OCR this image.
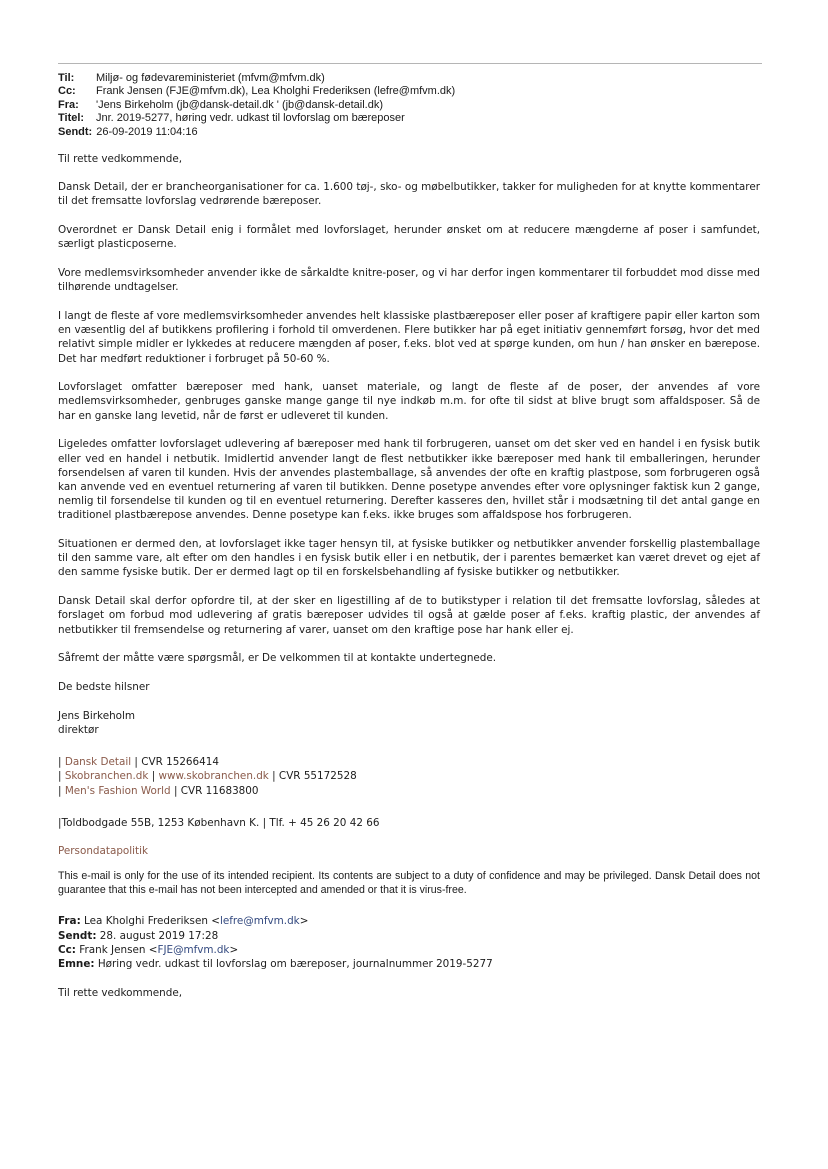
Til:	Miljø- og fødevareministeriet (mfvm@mfvm.dk)
Cc:	Frank Jensen (FJE@mfvm.dk), Lea Kholghi Frederiksen (lefre@mfvm.dk)
Fra:	'Jens Birkeholm (jb@dansk-detail.dk ' (jb@dansk-detail.dk)
Titel:	Jnr. 2019-5277, høring vedr. udkast til lovforslag om bæreposer
Sendt: 26-09-2019 11:04:16

Til rette vedkommende,

Dansk Detail, der er brancheorganisationer for ca. 1.600 tøj-, sko- og møbelbutikker, takker for muligheden for at knytte kommentarer til det fremsatte lovforslag vedrørende bæreposer.

Overordnet er Dansk Detail enig i formålet med lovforslaget, herunder ønsket om at reducere mængderne af poser i samfundet, særligt plasticposerne.

Vore medlemsvirksomheder anvender ikke de sårkaldte knitre-poser, og vi har derfor ingen kommentarer til forbuddet mod disse med tilhørende undtagelser.

I langt de fleste af vore medlemsvirksomheder anvendes helt klassiske plastbæreposer eller poser af kraftigere papir eller karton som en væsentlig del af butikkens profilering i forhold til omverdenen. Flere butikker har på eget initiativ gennemført forsøg, hvor det med relativt simple midler er lykkedes at reducere mængden af poser, f.eks. blot ved at spørge kunden, om hun / han ønsker en bærepose. Det har medført reduktioner i forbruget på 50-60 %.

Lovforslaget omfatter bæreposer med hank, uanset materiale, og langt de fleste af de poser, der anvendes af vore medlemsvirksomheder, genbruges ganske mange gange til nye indkøb m.m. for ofte til sidst at blive brugt som affaldsposer. Så de har en ganske lang levetid, når de først er udleveret til kunden.

Ligeledes omfatter lovforslaget udlevering af bæreposer med hank til forbrugeren, uanset om det sker ved en handel i en fysisk butik eller ved en handel i netbutik. Imidlertid anvender langt de flest netbutikker ikke bæreposer med hank til emballeringen, herunder forsendelsen af varen til kunden. Hvis der anvendes plastemballage, så anvendes der ofte en kraftig plastpose, som forbrugeren også kan anvende ved en eventuel returnering af varen til butikken. Denne posetype anvendes efter vore oplysninger faktisk kun 2 gange, nemlig til forsendelse til kunden og til en eventuel returnering. Derefter kasseres den, hvillet står i modsætning til det antal gange en traditionel plastbærepose anvendes. Denne posetype kan f.eks. ikke bruges som affaldspose hos forbrugeren.

Situationen er dermed den, at lovforslaget ikke tager hensyn til, at fysiske butikker og netbutikker anvender forskellig plastemballage til den samme vare, alt efter om den handles i en fysisk butik eller i en netbutik, der i parentes bemærket kan været drevet og ejet af den samme fysiske butik. Der er dermed lagt op til en forskelsbehandling af fysiske butikker og netbutikker.

Dansk Detail skal derfor opfordre til, at der sker en ligestilling af de to butikstyper i relation til det fremsatte lovforslag, således at forslaget om forbud mod udlevering af gratis bæreposer udvides til også at gælde poser af f.eks. kraftig plastic, der anvendes af netbutikker til fremsendelse og returnering af varer, uanset om den kraftige pose har hank eller ej.

Såfremt der måtte være spørgsmål, er De velkommen til at kontakte undertegnede.

De bedste hilsner

Jens Birkeholm

direktør

| Dansk Detail | CVR 15266414

| Skobranchen.dk | www.skobranchen.dk | CVR 55172528

| Men's Fashion World | CVR 11683800

|Toldbodgade 55B, 1253 København K. | Tlf. + 45 26 20 42 66

Persondatapolitik

This e-mail is only for the use of its intended recipient. Its contents are subject to a duty of confidence and may be privileged. Dansk Detail does not guarantee that this e-mail has not been intercepted and amended or that it is virus-free.

Fra: Lea Kholghi Frederiksen <lefre@mfvm.dk>

Sendt: 28. august 2019 17:28

Cc: Frank Jensen <FJE@mfvm.dk>

Emne: Høring vedr. udkast til lovforslag om bæreposer, journalnummer 2019-5277

Til rette vedkommende,
